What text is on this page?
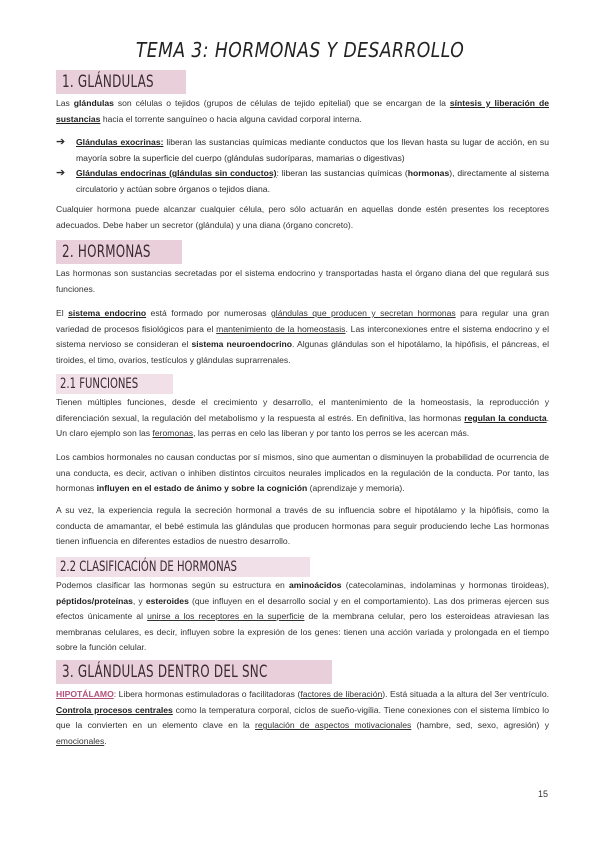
TEMA 3: HORMONAS Y DESARROLLO
1. GLÁNDULAS
Las glándulas son células o tejidos (grupos de células de tejido epitelial) que se encargan de la síntesis y liberación de sustancias hacia el torrente sanguíneo o hacia alguna cavidad corporal interna.
➔	Glándulas exocrinas: liberan las sustancias químicas mediante conductos que los llevan hasta su lugar de acción, en su mayoría sobre la superficie del cuerpo (glándulas sudoríparas, mamarias o digestivas)
➔	Glándulas endocrinas (glándulas sin conductos): liberan las sustancias químicas (hormonas), directamente al sistema circulatorio y actúan sobre órganos o tejidos diana.
Cualquier hormona puede alcanzar cualquier célula, pero sólo actuarán en aquellas donde estén presentes los receptores adecuados. Debe haber un secretor (glándula) y una diana (órgano concreto).
2. HORMONAS
Las hormonas son sustancias secretadas por el sistema endocrino y transportadas hasta el órgano diana del que regulará sus funciones.
El sistema endocrino está formado por numerosas glándulas que producen y secretan hormonas para regular una gran variedad de procesos fisiológicos para el mantenimiento de la homeostasis. Las interconexiones entre el sistema endocrino y el sistema nervioso se consideran el sistema neuroendocrino. Algunas glándulas son el hipotálamo, la hipófisis, el páncreas, el tiroides, el timo, ovarios, testículos y glándulas suprarrenales.
2.1 FUNCIONES
Tienen múltiples funciones, desde el crecimiento y desarrollo, el mantenimiento de la homeostasis, la reproducción y diferenciación sexual, la regulación del metabolismo y la respuesta al estrés. En definitiva, las hormonas regulan la conducta. Un claro ejemplo son las feromonas, las perras en celo las liberan y por tanto los perros se les acercan más.
Los cambios hormonales no causan conductas por sí mismos, sino que aumentan o disminuyen la probabilidad de ocurrencia de una conducta, es decir, activan o inhiben distintos circuitos neurales implicados en la regulación de la conducta. Por tanto, las hormonas influyen en el estado de ánimo y sobre la cognición (aprendizaje y memoria).
A su vez, la experiencia regula la secreción hormonal a través de su influencia sobre el hipotálamo y la hipófisis, como la conducta de amamantar, el bebé estimula las glándulas que producen hormonas para seguir produciendo leche Las hormonas tienen influencia en diferentes estadios de nuestro desarrollo.
2.2 CLASIFICACIÓN DE HORMONAS
Podemos clasificar las hormonas según su estructura en aminoácidos (catecolaminas, indolaminas y hormonas tiroideas), péptidos/proteínas, y esteroides (que influyen en el desarrollo social y en el comportamiento). Las dos primeras ejercen sus efectos únicamente al unirse a los receptores en la superficie de la membrana celular, pero los esteroideas atraviesan las membranas celulares, es decir, influyen sobre la expresión de los genes: tienen una acción variada y prolongada en el tiempo sobre la función celular.
3. GLÁNDULAS DENTRO DEL SNC
HIPOTÁLAMO: Libera hormonas estimuladoras o facilitadoras (factores de liberación). Está situada a la altura del 3er ventrículo. Controla procesos centrales como la temperatura corporal, ciclos de sueño-vigilia. Tiene conexiones con el sistema límbico lo que la convierten en un elemento clave en la regulación de aspectos motivacionales (hambre, sed, sexo, agresión) y emocionales.
15
